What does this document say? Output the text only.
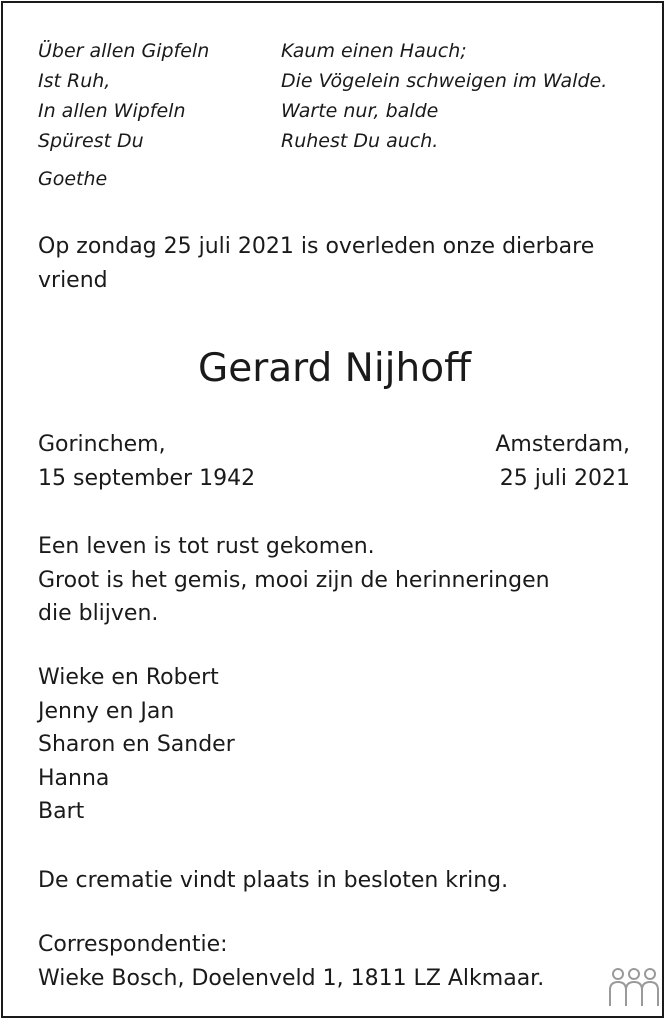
Über allen Gipfeln
Ist Ruh,
In allen Wipfeln
Spürest Du
Kaum einen Hauch;
Die Vögelein schweigen im Walde.
Warte nur, balde
Ruhest Du auch.
Goethe
Op zondag 25 juli 2021 is overleden onze dierbare vriend
Gerard Nijhoff
Gorinchem,
15 september 1942
Amsterdam,
25 juli 2021
Een leven is tot rust gekomen.
Groot is het gemis, mooi zijn de herinneringen
die blijven.
Wieke en Robert
Jenny en Jan
Sharon en Sander
Hanna
Bart
De crematie vindt plaats in besloten kring.
Correspondentie:
Wieke Bosch, Doelenveld 1, 1811 LZ Alkmaar.
